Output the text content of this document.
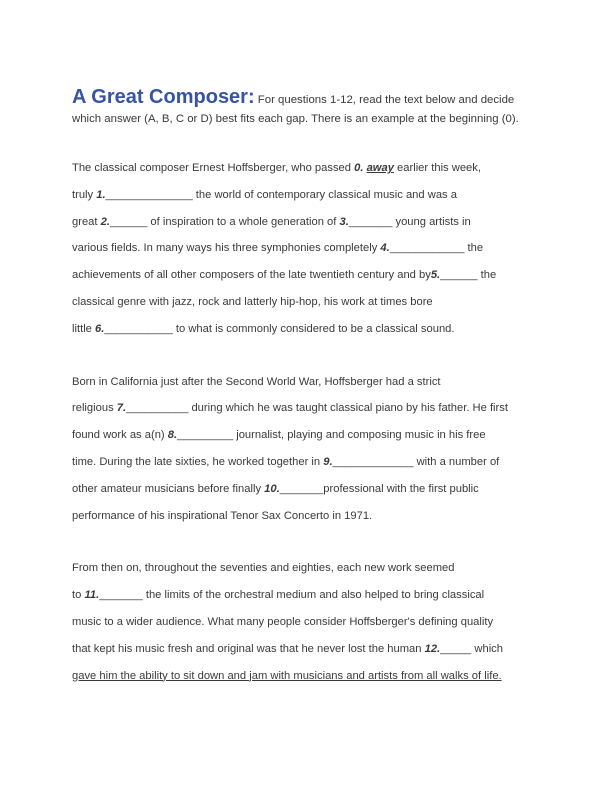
A Great Composer: For questions 1-12, read the text below and decide which answer (A, B, C or D) best fits each gap. There is an example at the beginning (0).
The classical composer Ernest Hoffsberger, who passed 0. away earlier this week,
truly 1.______________ the world of contemporary classical music and was a
great 2.______ of inspiration to a whole generation of 3._______ young artists in
various fields. In many ways his three symphonies completely 4.____________ the
achievements of all other composers of the late twentieth century and by5.______ the
classical genre with jazz, rock and latterly hip-hop, his work at times bore
little 6.___________ to what is commonly considered to be a classical sound.
Born in California just after the Second World War, Hoffsberger had a strict
religious 7.__________ during which he was taught classical piano by his father. He first
found work as a(n) 8._________ journalist, playing and composing music in his free
time. During the late sixties, he worked together in 9._____________ with a number of
other amateur musicians before finally 10._______professional with the first public
performance of his inspirational Tenor Sax Concerto in 1971.
From then on, throughout the seventies and eighties, each new work seemed
to 11._______ the limits of the orchestral medium and also helped to bring classical
music to a wider audience. What many people consider Hoffsberger's defining quality
that kept his music fresh and original was that he never lost the human 12._____ which
gave him the ability to sit down and jam with musicians and artists from all walks of life.
